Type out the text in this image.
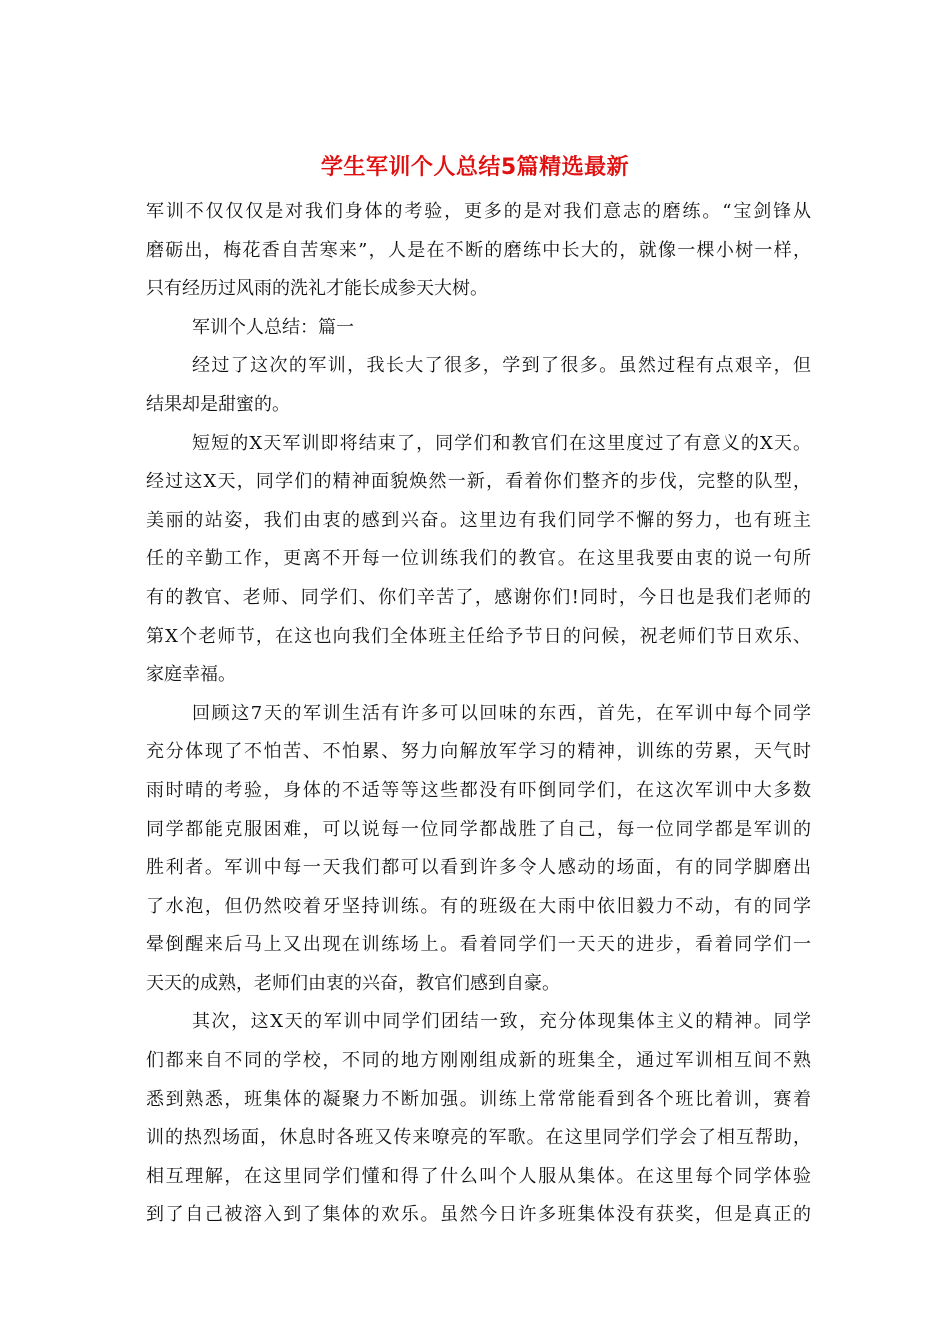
学生军训个人总结5篇精选最新
军训不仅仅仅是对我们身体的考验，更多的是对我们意志的磨练。“宝剑锋从
磨砺出，梅花香自苦寒来”，人是在不断的磨练中长大的，就像一棵小树一样，
只有经历过风雨的洗礼才能长成参天大树。
军训个人总结：篇一
经过了这次的军训，我长大了很多，学到了很多。虽然过程有点艰辛，但
结果却是甜蜜的。
短短的X天军训即将结束了，同学们和教官们在这里度过了有意义的X天。
经过这X天，同学们的精神面貌焕然一新，看着你们整齐的步伐，完整的队型，
美丽的站姿，我们由衷的感到兴奋。这里边有我们同学不懈的努力，也有班主
任的辛勤工作，更离不开每一位训练我们的教官。在这里我要由衷的说一句所
有的教官、老师、同学们、你们辛苦了，感谢你们!同时，今日也是我们老师的
第X个老师节，在这也向我们全体班主任给予节日的问候，祝老师们节日欢乐、
家庭幸福。
回顾这7天的军训生活有许多可以回味的东西，首先，在军训中每个同学
充分体现了不怕苦、不怕累、努力向解放军学习的精神，训练的劳累，天气时
雨时晴的考验，身体的不适等等这些都没有吓倒同学们，在这次军训中大多数
同学都能克服困难，可以说每一位同学都战胜了自己，每一位同学都是军训的
胜利者。军训中每一天我们都可以看到许多令人感动的场面，有的同学脚磨出
了水泡，但仍然咬着牙坚持训练。有的班级在大雨中依旧毅力不动，有的同学
晕倒醒来后马上又出现在训练场上。看着同学们一天天的进步，看着同学们一
天天的成熟，老师们由衷的兴奋，教官们感到自豪。
其次，这X天的军训中同学们团结一致，充分体现集体主义的精神。同学
们都来自不同的学校，不同的地方刚刚组成新的班集全，通过军训相互间不熟
悉到熟悉，班集体的凝聚力不断加强。训练上常常能看到各个班比着训，赛着
训的热烈场面，休息时各班又传来嘹亮的军歌。在这里同学们学会了相互帮助，
相互理解，在这里同学们懂和得了什么叫个人服从集体。在这里每个同学体验
到了自己被溶入到了集体的欢乐。虽然今日许多班集体没有获奖，但是真正的
